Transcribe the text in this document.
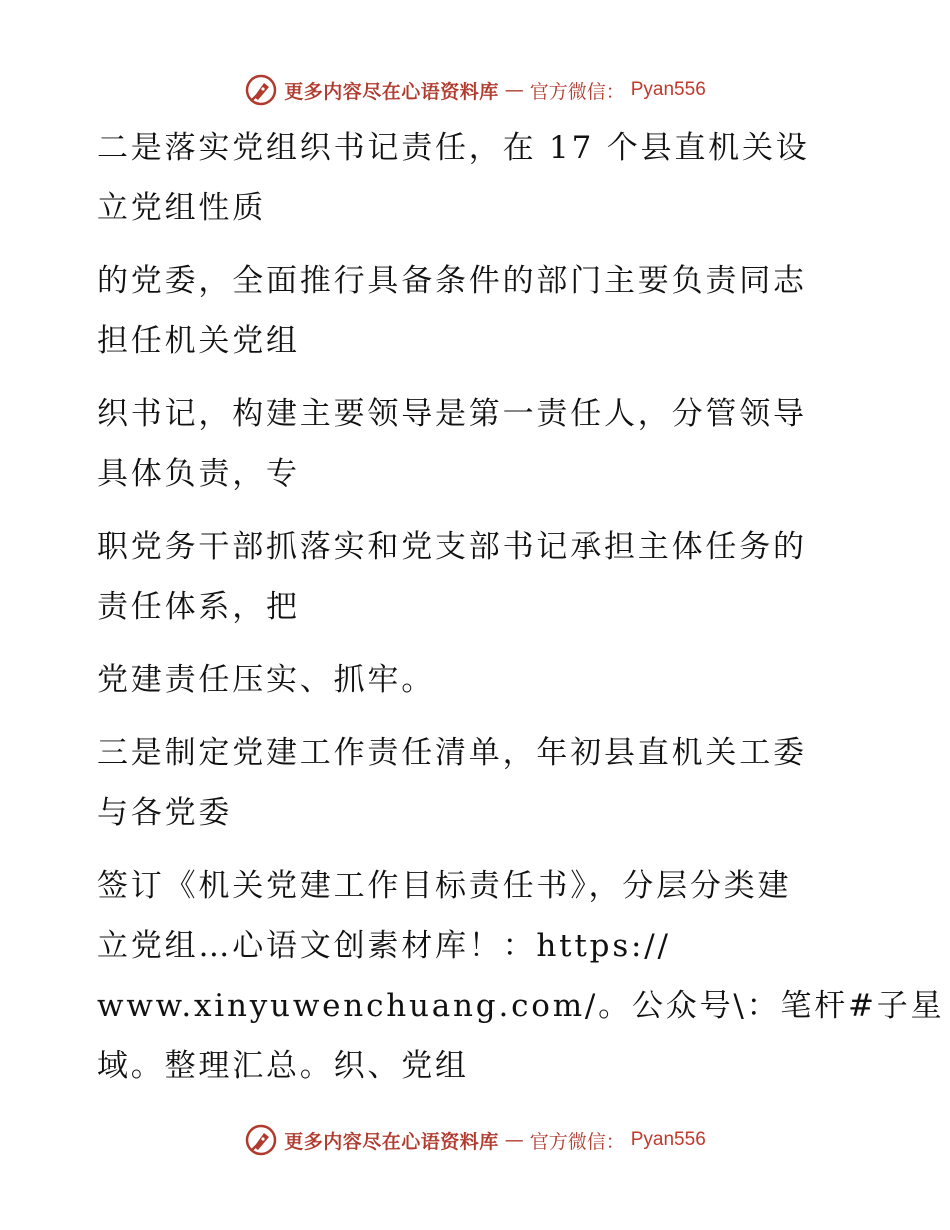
更多内容尽在心语资料库 — 官方微信： Pyan556

二是落实党组织书记责任，在 17 个县直机关设
立党组性质

的党委，全面推行具备条件的部门主要负责同志
担任机关党组

织书记，构建主要领导是第一责任人，分管领导
具体负责，专

职党务干部抓落实和党支部书记承担主体任务的
责任体系，把

党建责任压实、抓牢。

三是制定党建工作责任清单，年初县直机关工委
与各党委

签订《机关党建工作目标责任书》，分层分类建
立党组…心语文创素材库！：https://
www.xinyuwenchuang.com/。公众号\：笔杆#子星
域。整理汇总。织、党组

更多内容尽在心语资料库 — 官方微信： Pyan556
